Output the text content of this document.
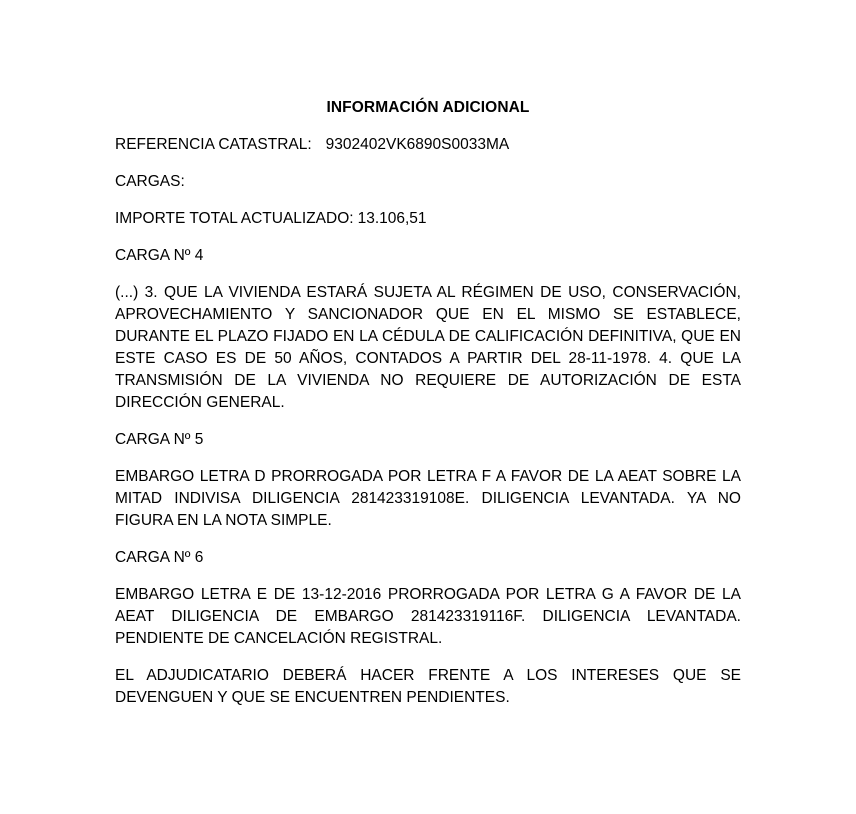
INFORMACIÓN ADICIONAL

REFERENCIA CATASTRAL: 9302402VK6890S0033MA

CARGAS:

IMPORTE TOTAL ACTUALIZADO: 13.106,51

CARGA Nº 4

(...) 3. QUE LA VIVIENDA ESTARÁ SUJETA AL RÉGIMEN DE USO, CONSERVACIÓN, APROVECHAMIENTO Y SANCIONADOR QUE EN EL MISMO SE ESTABLECE, DURANTE EL PLAZO FIJADO EN LA CÉDULA DE CALIFICACIÓN DEFINITIVA, QUE EN ESTE CASO ES DE 50 AÑOS, CONTADOS A PARTIR DEL 28-11-1978. 4. QUE LA TRANSMISIÓN DE LA VIVIENDA NO REQUIERE DE AUTORIZACIÓN DE ESTA DIRECCIÓN GENERAL.

CARGA Nº 5

EMBARGO LETRA D PRORROGADA POR LETRA F A FAVOR DE LA AEAT SOBRE LA MITAD INDIVISA DILIGENCIA 281423319108E. DILIGENCIA LEVANTADA. YA NO FIGURA EN LA NOTA SIMPLE.

CARGA Nº 6

EMBARGO LETRA E DE 13-12-2016 PRORROGADA POR LETRA G A FAVOR DE LA AEAT DILIGENCIA DE EMBARGO 281423319116F. DILIGENCIA LEVANTADA. PENDIENTE DE CANCELACIÓN REGISTRAL.

EL ADJUDICATARIO DEBERÁ HACER FRENTE A LOS INTERESES QUE SE DEVENGUEN Y QUE SE ENCUENTREN PENDIENTES.
